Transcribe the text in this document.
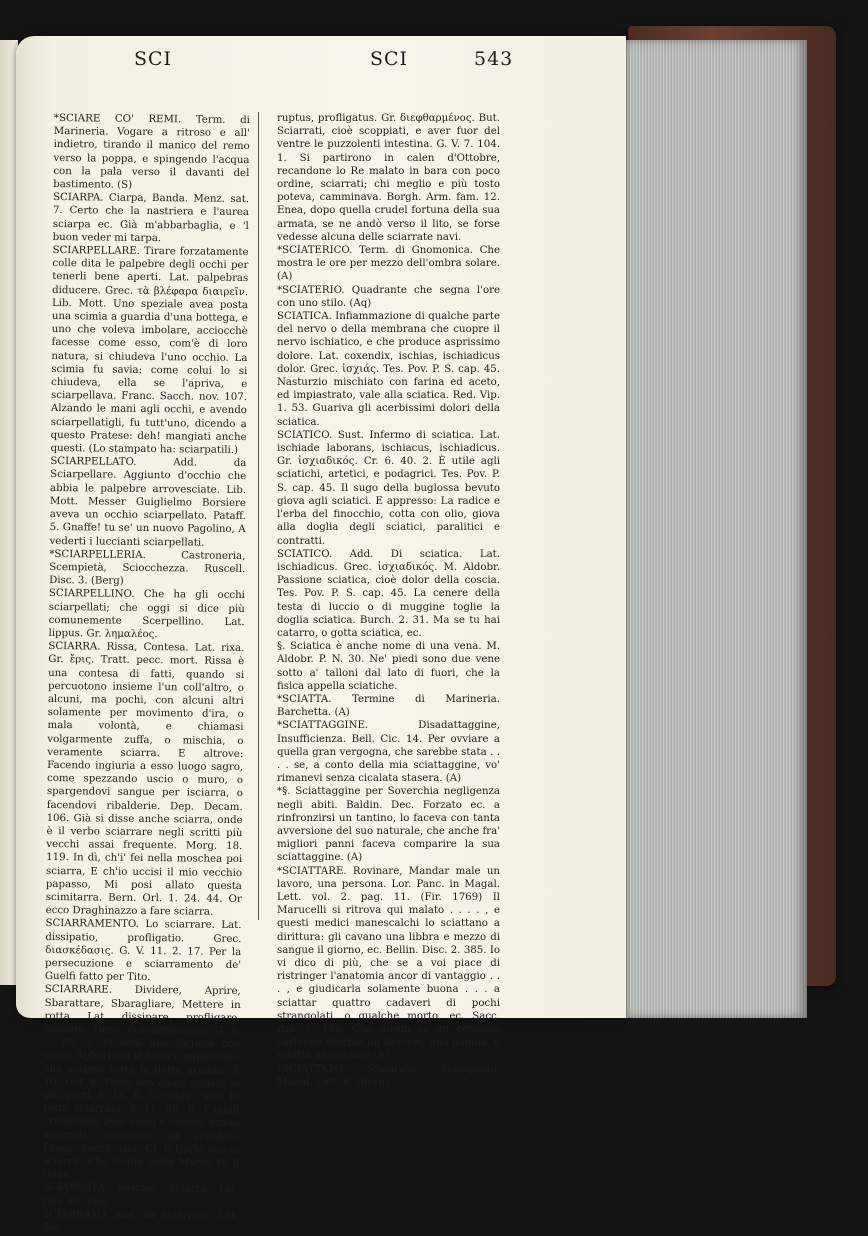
SCI	SCI	543

*SCIARE CO' REMI. Term. di Marineria. Vogare a ritroso e all' indietro, tirando il manico del remo verso la poppa, e spingendo l'acqua con la pala verso il davanti del bastimento. (S)

SCIARPA. Ciarpa, Banda. Menz. sat. 7. Certo che la nastriera e l'aurea sciarpa ec. Già m'abbarbaglia, e 'l buon veder mi tarpa.

SCIARPELLARE. Tirare forzatamente colle dita le palpebre degli occhi per tenerli bene aperti. Lat. palpebras diducere. Grec. τὰ βλέφαρα διαιρεῖν. Lib. Mott. Uno speziale avea posta una scimia a guardia d'una bottega, e uno che voleva imbolare, acciocchè facesse come esso, com'è di loro natura, si chiudeva l'uno occhio. La scimia fu savia: come colui lo si chiudeva, ella se l'apriva, e sciarpellava. Franc. Sacch. nov. 107. Alzando le mani agli occhi, e avendo sciarpellatigli, fu tutt'uno, dicendo a questo Pratese: deh! mangiati anche questi. (Lo stampato ha: sciarpatili.)

SCIARPELLATO. Add. da Sciarpellare. Aggiunto d'occhio che abbia le palpebre arrovesciate. Lib. Mott. Messer Guiglielmo Borsiere aveva un occhio sciarpellato. Pataff. 5. Gnaffe! tu se' un nuovo Pagolino, A vederti i luccianti sciarpellati.

*SCIARPELLERIA. Castroneria, Scempietà, Sciocchezza. Ruscell. Disc. 3. (Berg)

SCIARPELLINO. Che ha gli occhi sciarpellati; che oggi si dice più comunemente Scerpellino. Lat. lippus. Gr. λημαλέος.

SCIARRA. Rissa, Contesa. Lat. rixa. Gr. ἔρις. Tratt. pecc. mort. Rissa è una contesa di fatti, quando si percuotono insieme l'un coll'altro, o alcuni, ma pochi, con alcuni altri solamente per movimento d'ira, o mala volontà, e chiamasi volgarmente zuffa, o mischia, o veramente sciarra. E altrove: Facendo ingiuria a esso luogo sagro, come spezzando uscio o muro, o spargendovi sangue per isciarra, o facendovi ribalderie. Dep. Decam. 106. Già si disse anche sciarra, onde è il verbo sciarrare negli scritti più vecchi assai frequente. Morg. 18. 119. In dì, ch'i' fei nella moschea poi sciarra, E ch'io uccisi il mio vecchio papasso, Mi posi allato questa scimitarra. Bern. Orl. 1. 24. 44. Or ecco Draghinazzo a fare sciarra.

SCIARRAMENTO. Lo sciarrare. Lat. dissipatio, profligatio. Grec. διασκέδασις. G. V. 11. 2. 17. Per la persecuzione e sciarramento de' Guelfi fatto per Tito.

SCIARRARE. Dividere, Aprire, Sbarattare, Sbaragliare, Mettere in rotta. Lat. dissipare, profligare, fundere. Grec. διασκεδάννυμι. G. V. 7. 85. 3. Si levò una fortuna con vento Agherbino sì forte e impetuoso, che sciarrò tutta la detta armata. E 10. 104. 6. Tutto non meno sciarrò in più parti. E 11. 8. 5. Onde l'oste fu tutta sciarrata. E 11. 96. 6. I quali credendosi aver vinto il campo, erano sciarrati, cacciando gli sconfitti. Franc. Sacch. rim. 43. E Carlo non si sciarra, Che Conte della Marca fu il terzo.

SCIARRATA. Sustant. Sciarra. Lat. rixa. Gr. ἔρις.

SCIARRATO. Add. da Sciarrare. Lat. dis-

ruptus, profligatus. Gr. διεφθαρμένος. But. Sciarrati, cioè scoppiati, e aver fuor del ventre le puzzolenti intestina. G. V. 7. 104. 1. Si partirono in calen d'Ottobre, recandone lo Re malato in bara con poco ordine, sciarrati; chi meglio e più tosto poteva, camminava. Borgh. Arm. fam. 12. Enea, dopo quella crudel fortuna della sua armata, se ne andò verso il lito, se forse vedesse alcuna delle sciarrate navi.

*SCIATERICO. Term. di Gnomonica. Che mostra le ore per mezzo dell'ombra solare. (A)

*SCIATERIO. Quadrante che segna l'ore con uno stilo. (Aq)

SCIATICA. Infiammazione di qualche parte del nervo o della membrana che cuopre il nervo ischiatico, e che produce asprissimo dolore. Lat. coxendix, ischias, ischiadicus dolor. Grec. ἰσχιάς. Tes. Pov. P. S. cap. 45. Nasturzio mischiato con farina ed aceto, ed impiastrato, vale alla sciatica. Red. Vip. 1. 53. Guariva gli acerbissimi dolori della sciatica.

SCIATICO. Sust. Infermo di sciatica. Lat. ischiade laborans, ischiacus, ischiadicus. Gr. ἰσχιαδικός. Cr. 6. 40. 2. È utile agli sciatichi, artetici, e podagrici. Tes. Pov. P. S. cap. 45. Il sugo della buglossa bevuto giova agli sciatici. E appresso: La radice e l'erba del finocchio, cotta con olio, giova alla doglia degli sciatici, paralitici e contratti.

SCIATICO. Add. Di sciatica. Lat. ischiadicus. Grec. ἰσχιαδικός. M. Aldobr. Passione sciatica, cioè dolor della coscia. Tes. Pov. P. S. cap. 45. La cenere della testa di luccio o di muggine toglie la doglia sciatica. Burch. 2. 31. Ma se tu hai catarro, o gotta sciatica, ec.

§. Sciatica è anche nome di una vena. M. Aldobr. P. N. 30. Ne' piedi sono due vene sotto a' talloni dal lato di fuori, che la fisica appella sciatiche.

*SCIATTA. Termine di Marineria. Barchetta. (A)

*SCIATTAGGINE. Disadattaggine, Insufficienza. Bell. Cic. 14. Per ovviare a quella gran vergogna, che sarebbe stata . . . . se, a conto della mia sciattaggine, vo' rimanevi senza cicalata stasera. (A)

*§. Sciattaggine per Soverchia negligenza negli abiti. Baldin. Dec. Forzato ec. a rinfronzirsi un tantino, lo faceva con tanta avversione del suo naturale, che anche fra' migliori panni faceva comparire la sua sciattaggine. (A)

*SCIATTARE. Rovinare, Mandar male un lavoro, una persona. Lor. Panc. in Magal. Lett. vol. 2. pag. 11. (Fir. 1769) Il Marucelli si ritrova qui malato . . . . , e questi medici manescalchi lo sciattano a dirittura: gli cavano una libbra e mezzo di sangue il giorno, ec. Bellin. Disc. 2. 385. Io vi dico di più, che se a voi piace di ristringer l'anatomia ancor di vantaggio . . . , e giudicarla solamente buona . . . a sciattar quattro cadaveri di pochi strangolati, o qualche morto, ec. Sacc. rim. 1. 198. Che direm se un cerusico castrone Storpia un braccio, una gamba, o sciatta un occhio? (A)

*SCIATTATO. Sfigurato, Scomposto. Magal. Lett. 8. (Berg)
